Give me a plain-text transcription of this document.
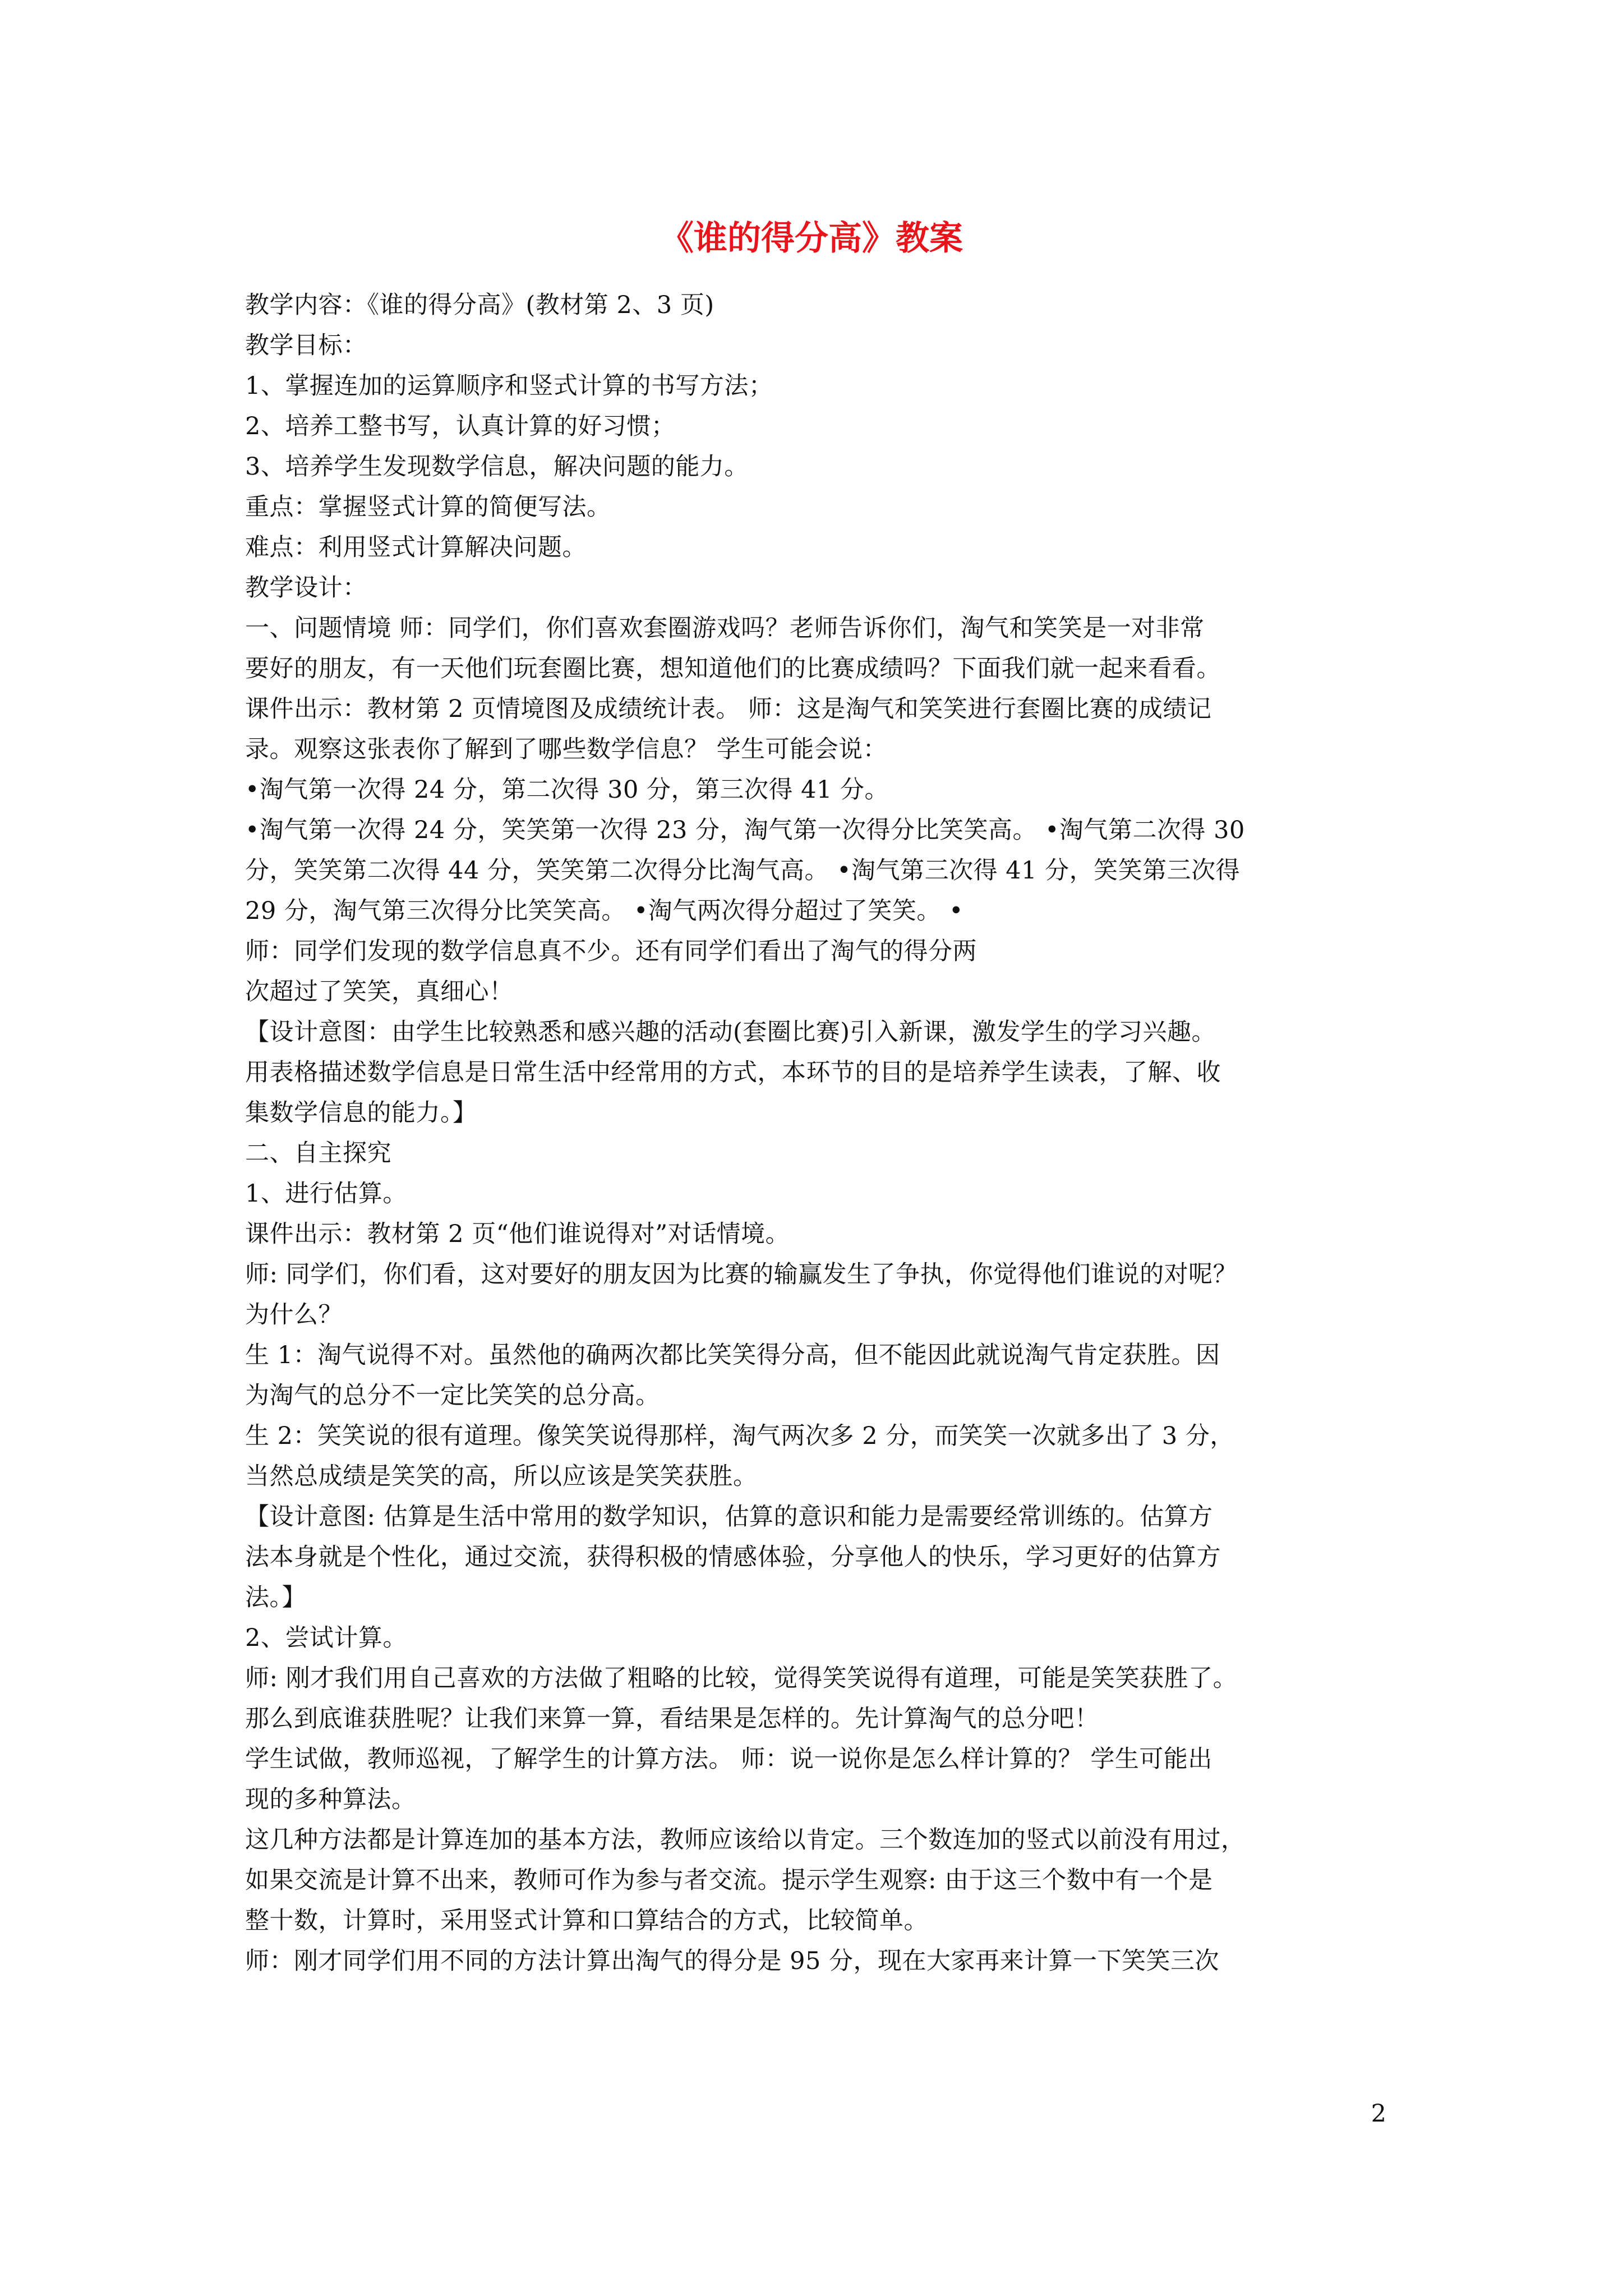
《谁的得分高》教案
教学内容：《谁的得分高》(教材第 2、3 页)
教学目标：
1、掌握连加的运算顺序和竖式计算的书写方法；
2、培养工整书写，认真计算的好习惯；
3、培养学生发现数学信息，解决问题的能力。
重点：掌握竖式计算的简便写法。
难点：利用竖式计算解决问题。
教学设计：
一、问题情境 师：同学们，你们喜欢套圈游戏吗？老师告诉你们，淘气和笑笑是一对非常
要好的朋友，有一天他们玩套圈比赛，想知道他们的比赛成绩吗？下面我们就一起来看看。
课件出示：教材第 2 页情境图及成绩统计表。 师：这是淘气和笑笑进行套圈比赛的成绩记
录。观察这张表你了解到了哪些数学信息？ 学生可能会说：
•淘气第一次得 24 分，第二次得 30 分，第三次得 41 分。
•淘气第一次得 24 分，笑笑第一次得 23 分，淘气第一次得分比笑笑高。 •淘气第二次得 30
分，笑笑第二次得 44 分，笑笑第二次得分比淘气高。 •淘气第三次得 41 分，笑笑第三次得
29 分，淘气第三次得分比笑笑高。 •淘气两次得分超过了笑笑。 •
师：同学们发现的数学信息真不少。还有同学们看出了淘气的得分两
次超过了笑笑，真细心！
【设计意图：由学生比较熟悉和感兴趣的活动(套圈比赛)引入新课，激发学生的学习兴趣。
用表格描述数学信息是日常生活中经常用的方式，本环节的目的是培养学生读表，了解、收
集数学信息的能力。】
二、自主探究
1、进行估算。
课件出示：教材第 2 页“他们谁说得对”对话情境。
师: 同学们，你们看，这对要好的朋友因为比赛的输赢发生了争执，你觉得他们谁说的对呢？
为什么？
生 1：淘气说得不对。虽然他的确两次都比笑笑得分高，但不能因此就说淘气肯定获胜。因
为淘气的总分不一定比笑笑的总分高。
生 2：笑笑说的很有道理。像笑笑说得那样，淘气两次多 2 分，而笑笑一次就多出了 3 分，
当然总成绩是笑笑的高，所以应该是笑笑获胜。
【设计意图: 估算是生活中常用的数学知识，估算的意识和能力是需要经常训练的。估算方
法本身就是个性化，通过交流，获得积极的情感体验，分享他人的快乐，学习更好的估算方
法。】
2、尝试计算。
师: 刚才我们用自己喜欢的方法做了粗略的比较，觉得笑笑说得有道理，可能是笑笑获胜了。
那么到底谁获胜呢？让我们来算一算，看结果是怎样的。先计算淘气的总分吧！
学生试做，教师巡视，了解学生的计算方法。 师：说一说你是怎么样计算的？ 学生可能出
现的多种算法。
这几种方法都是计算连加的基本方法，教师应该给以肯定。三个数连加的竖式以前没有用过，
如果交流是计算不出来，教师可作为参与者交流。提示学生观察: 由于这三个数中有一个是
整十数，计算时，采用竖式计算和口算结合的方式，比较简单。
师：刚才同学们用不同的方法计算出淘气的得分是 95 分，现在大家再来计算一下笑笑三次
2
